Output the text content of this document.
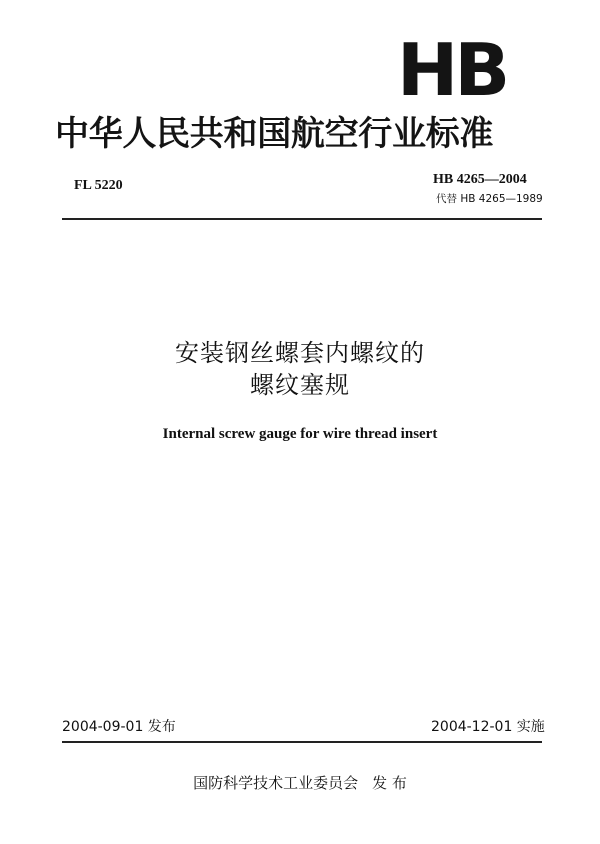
HB
中华人民共和国航空行业标准
FL 5220	HB 4265—2004
代替 HB 4265—1989
安装钢丝螺套内螺纹的
螺纹塞规
Internal screw gauge for wire thread insert
2004-09-01 发布	2004-12-01 实施
国防科学技术工业委员会 发 布
